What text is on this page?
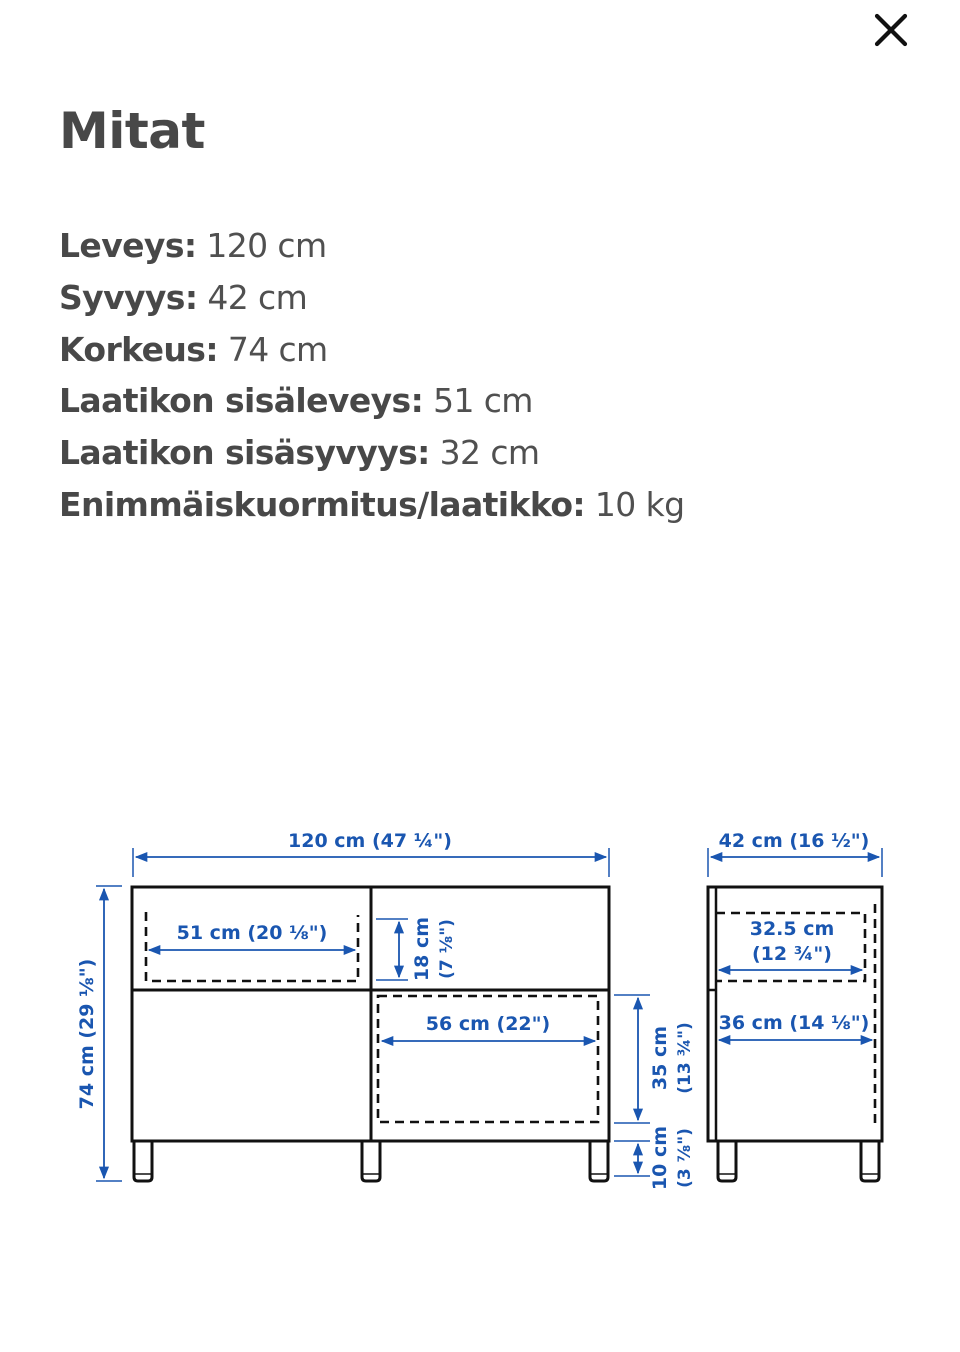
Mitat
Leveys: 120 cm
Syvyys: 42 cm
Korkeus: 74 cm
Laatikon sisäleveys: 51 cm
Laatikon sisäsyvyys: 32 cm
Enimmäiskuormitus/laatikko: 10 kg
120 cm (47 ¼")
74 cm (29 ⅛")
51 cm (20 ⅛")	18 cm (7 ⅛")
56 cm (22")
35 cm (13 ¾")
10 cm (3 ⅞")
42 cm (16 ½")
32.5 cm
(12 ¾")
36 cm (14 ⅛")
